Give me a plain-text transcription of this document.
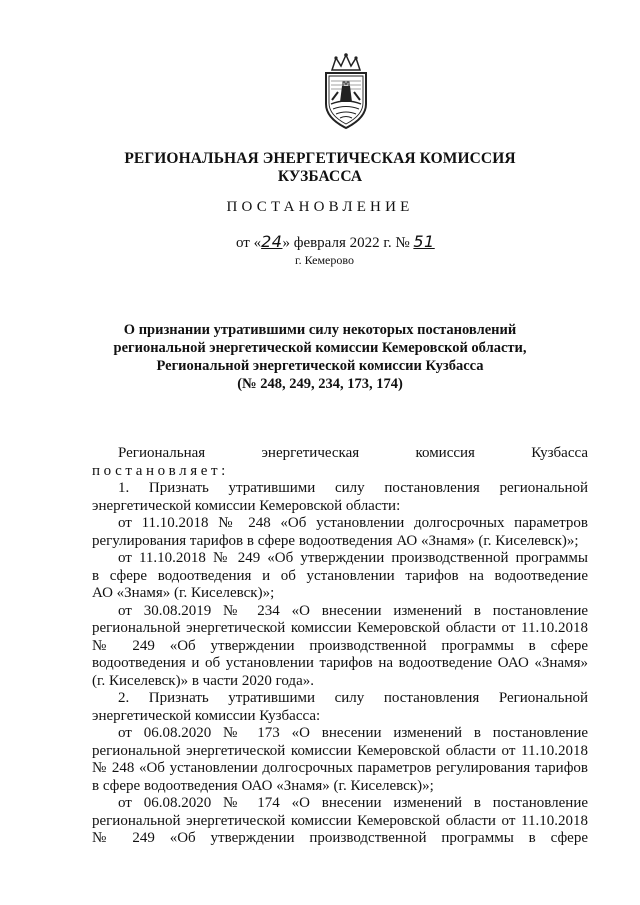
РЕГИОНАЛЬНАЯ ЭНЕРГЕТИЧЕСКАЯ КОМИССИЯ
КУЗБАССА
ПОСТАНОВЛЕНИЕ
от «24» февраля 2022 г. № 51
г. Кемерово
О признании утратившими силу некоторых постановлений
региональной энергетической комиссии Кемеровской области,
Региональной энергетической комиссии Кузбасса
(№ 248, 249, 234, 173, 174)
Региональная энергетическая комиссия Кузбасса
постановляет:
1. Признать утратившими силу постановления региональной
энергетической комиссии Кемеровской области:
от 11.10.2018 № 248 «Об установлении долгосрочных параметров
регулирования тарифов в сфере водоотведения АО «Знамя» (г. Киселевск)»;
от 11.10.2018 № 249 «Об утверждении производственной программы
в сфере водоотведения и об установлении тарифов на водоотведение
АО «Знамя» (г. Киселевск)»;
от 30.08.2019 № 234 «О внесении изменений в постановление
региональной энергетической комиссии Кемеровской области от 11.10.2018
№ 249 «Об утверждении производственной программы в сфере
водоотведения и об установлении тарифов на водоотведение ОАО «Знамя»
(г. Киселевск)» в части 2020 года».
2. Признать утратившими силу постановления Региональной
энергетической комиссии Кузбасса:
от 06.08.2020 № 173 «О внесении изменений в постановление
региональной энергетической комиссии Кемеровской области от 11.10.2018
№ 248 «Об установлении долгосрочных параметров регулирования тарифов
в сфере водоотведения ОАО «Знамя» (г. Киселевск)»;
от 06.08.2020 № 174 «О внесении изменений в постановление
региональной энергетической комиссии Кемеровской области от 11.10.2018
№ 249 «Об утверждении производственной программы в сфере
